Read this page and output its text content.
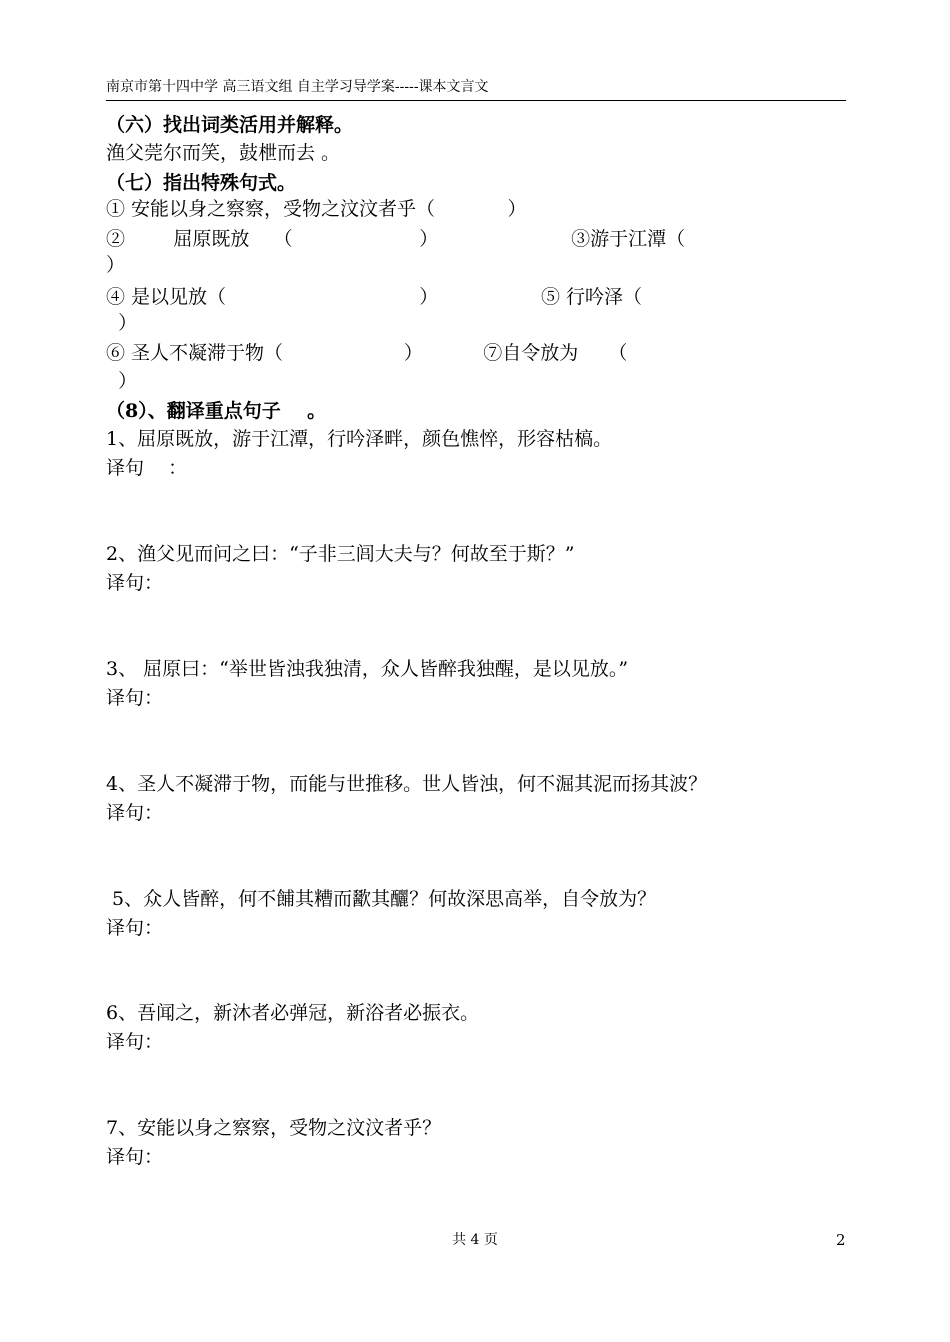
南京市第十四中学 高三语文组 自主学习导学案-----课本文言文
（六）找出词类活用并解释。
渔父莞尔而笑，鼓枻而去 。
（七）指出特殊句式。
① 安能以身之察察，受物之汶汶者乎（            ）
②        屈原既放    （                     ）                      ③游于江潭（
）
④ 是以见放（                                ）                 ⑤ 行吟泽（
）
⑥ 圣人不凝滞于物（                    ）          ⑦自令放为     （
）
（8）、翻译重点句子    。
1、屈原既放，游于江潭，行吟泽畔，颜色憔悴，形容枯槁。
译句    ：
2、渔父见而问之曰：“子非三闾大夫与？何故至于斯？”
译句：
3、 屈原曰：“举世皆浊我独清，众人皆醉我独醒，是以见放。”
译句：
4、圣人不凝滞于物，而能与世推移。世人皆浊，何不淈其泥而扬其波？
译句：
5、众人皆醉，何不餔其糟而歠其釃？何故深思高举，自令放为？
译句：
6、吾闻之，新沐者必弹冠，新浴者必振衣。
译句：
7、安能以身之察察，受物之汶汶者乎？
译句：
共 4 页	2
